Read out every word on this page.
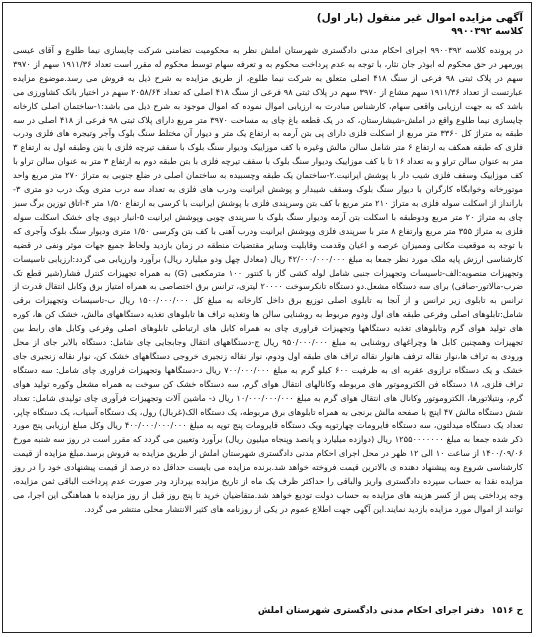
آگهی مزایده اموال غیر منقول (بار اول)

کلاسه ۹۹۰۰۳۹۲

در پرونده کلاسه ۹۹۰۰۳۹۲ اجرای احکام مدنی دادگستری شهرستان املش نظر به محکومیت تضامنی شرکت چایسازی نیما طلوع و آقای عیسی پورمهر در حق محکوم له ابوذر جان نثار، با توجه به عدم پرداخت محکوم به و تعرفه سهام توسط محکوم له مقرر است تعداد ۱۹۱۱/۳۶ سهم از ۳۹۷۰ سهم در پلاک ثبتی ۹۸ فرعی از سنگ ۴۱۸ اصلی متعلق به شرکت نیما طلوع، از طریق مزایده به شرح ذیل به فروش می رسد.موضوع مزایده عبارتست از تعداد ۱۹۱۱/۳۶ سهم مشاع از ۳۹۷۰ سهم در پلاک ثبتی ۹۸ فرعی از سنگ ۴۱۸ اصلی که تعداد ۲۰۵۸/۶۴ سهم در اختیار بانک کشاورزی می باشد که به جهت ارزیابی واقعی سهام، کارشناس مبادرت به ارزیابی اموال نموده که اموال موجود به شرح ذیل می باشد:۱-ساختمان اصلی کارخانه چایسازی نیما طلوع واقع در املش-شیشارستان، که در یک قطعه باغ چای به مساحت ۳۹۷۰ متر مربع دارای پلاک ثبتی ۹۸ فرعی از ۴۱۸ اصلی در سه طبقه به متراژ کل ۳۳۶۰ متر مربع از اسکلت فلزی دارای پی بتن آرمه به ارتفاع یک متر و دیوار آن مختلط سنگ بلوک وآجر وتیجره های فلزی ودرب فلزی که طبقه همکف به ارتفاع ۶ متر شامل سالن مالش وغیره با کف موزاییک ودیوار سنگ بلوک با سقف تیرچه فلزی با بتن وطبقه اول به ارتفاع ۳ متر به عنوان سالن تراو و به تعداد ۱۶ تا با کف موزاییک ودیوار سنگ بلوک با سقف تیرچه فلزی با بتن طبقه دوم به ارتفاع ۳ متر به عنوان سالن تراو با کف موزاییک وسقف فلزی شیب دار با پوشش ایرانیت.۲-ساختمان یک طبقه وچسبیده به ساختمان اصلی در ضلع جنوبی به متراژ ۲۷۰ متر مربع واحد موتورخانه وخوابگاه کارگران با دیوار سنگ بلوک وسقف شیبدار و پوشش ایرانیت ودرب های فلزی به تعداد سه درب متری ویک درب دو متری ۳-بارانداز از اسکلت سوله فلزی به متراژ ۲۱۰ متر مربع با کف بتن وسرپندی فلزی با پوشش ایرانیت با کرسی به ارتفاع ۱/۵۰ متر ۴-اتاق توزین برگ سبز چای به متراژ ۲۰ متر مربع ودوطبقه با اسکلت بتن آرمه ودیوار سنگ بلوک با سرپندی چوبی وپوشش ایرانیت ۵-انبار دپوی چای خشک اسکلت سوله فلزی به متراژ ۳۵۵ متر مربع وارتفاع ۸ متر با سرپندی فلزی وپوشش ایرانیت ودرب آهنی با کف بتن وکرسی ۱/۵۰ متری ودیوار سنگ بلوک وآجری که با توجه به موقعیت مکانی وممیزان عرصه و اعیان وقدمت وقابلیت وسایر مقتضیات منطقه در زمان بازدید ولحاظ جمیع جهات موثر ونفی در قضیه کارشناسی ارزش پایه ملک مورد نظر جمعا به مبلغ ۴۲/۰۰۰/۰۰۰/۰۰۰ ریال (معادل چهل ودو میلیارد ریال) برآورد وارزیابی می گردد:ارزیابی تاسیسات وتجهیزات منصوبه:الف-تاسیسات وتجهیزات جنبی شامل لوله کشی گاز با کنتور ۱۰۰ مترمکعبی (G) به همراه تجهیزات کنترل فشار(شیر قطع تک ضرب-مالاتور-صافی) برای سه دستگاه مشعل.دو دستگاه تانکرسوخت ۲۰۰۰۰ لیتری، ترانس برق اختصاصی به همراه امتیاز برق وکابل انتقال قدرت از ترانس به تابلوی زیر ترانس و از آنجا به تابلوی اصلی توزیع برق داخل کارخانه به مبلغ کل ۱۵۰۰/۰۰۰/۰۰۰ ریال ب-تاسیسات وتجهیزات برقی شامل:تابلوهای اصلی وفرعی طبقه های اول ودوم مربوط به روشنایی سالن ها وتغذیه تراف ها تابلوهای تغذیه دستگاههای مالش، خشک کن ها، کوره های تولید هوای گرم وتابلوهای تغذیه دستگاهها وتجهیزات فراوری چای به همراه کابل های ارتباطی تابلوهای اصلی وفرعی وکابل های رابط بین تجهیزات وهمچنین کابل ها وچراغهای روشنایی به مبلغ ۹۵۰/۰۰۰/۰۰۰ ریال ج-دستگاههای انتقال وجابجایی چای شامل: دستگاه بالابر جای از محل ورودی به تراف ها،نوار نقاله ترفف هانوار نقاله تراف های طبقه اول ودوم، نوار نقاله زنجیری خروجی دستگاههای خشک کن، نوار نقاله زنجیری جای خشک و یک دستگاه ترازوی عقربه ای به ظرفیت ۶۰۰ کیلو گرم به مبلغ ۷۰۰/۰۰۰/۰۰۰ ریال د-دستگاهها وتجهیزات فراوری چای شامل: سه دستگاه تراف فلزی، ۱۸ دستگاه فن الکتروموتور های مربوطه وکانالهای انتقال هوای گرم، سه دستگاه خشک کن سوخت به همراه مشعل وکوره تولید هوای گرم، ونتیلاتورها، الکتروموتور وکانال های انتقال هوای گرم به مبلغ ۱۰/۰۰۰/۰۰۰/۰۰۰ ریال ذ- ماشین آلات وتجهیزات فرآوری چای تولیدی شامل: تعداد شش دستگاه مالش ۴۷ اینچ با صفحه مالش برنجی به همراه تابلوهای برق مربوطه، یک دستگاه الک(غربال) رول، یک دستگاه آسیاب، یک دستگاه چاپر، تعداد یک دستگاه میدلتون، سه دستگاه فایرومات چهارتوپه ویک دستگاه فایرومات پنج توپه به مبلغ ۴۰۰/۰۰۰/۰۰۰/۰۰۰ ریال وکل مبلغ ارزیابی پنج مورد ذکر شده جمعا به مبلغ ۱۲۵۵۰۰۰۰۰۰۰ ریال (دوازده میلیارد و پانصد وپنجاه میلیون ریال) برآورد وتعیین می گردد که مقرر است در روز سه شنبه مورخ ۱۴۰۰/۰۹/۰۶ از ساعت ۱۰ الی ۱۲ ظهر در محل اجرای احکام مدنی دادگستری شهرستان املش از طریق مزایده به فروش برسد.مبلغ مزایده از قیمت کارشناسی شروع وبه پیشنهاد دهنده ی بالاترین قیمت فروخته خواهد شد.برنده مزایده می بایست حداقل ده درصد از قیمت پیشنهادی خود را در روز مزایده نقدا به حساب سپرده دادگستری واریز والباقی را حداکثر ظرف یک ماه از تاریخ مزایده بپردازد ودر صورت عدم پرداخت الباقی ثمن مزایده، وجه پرداختی پس از کسر هزینه های مزایده به حساب دولت تودیع خواهد شد.متقاضیان خرید تا پنج روز قبل از روز مزایده با هماهنگی این اجرا، می توانند از اموال مورد مزایده بازدید نمایند.این آگهی جهت اطلاع عموم در یکی از روزنامه های کثیر الانتشار محلی منتشر می گردد.

ح ۱۵۱۶ دفتر اجرای احکام مدنی دادگستری شهرستان املش
